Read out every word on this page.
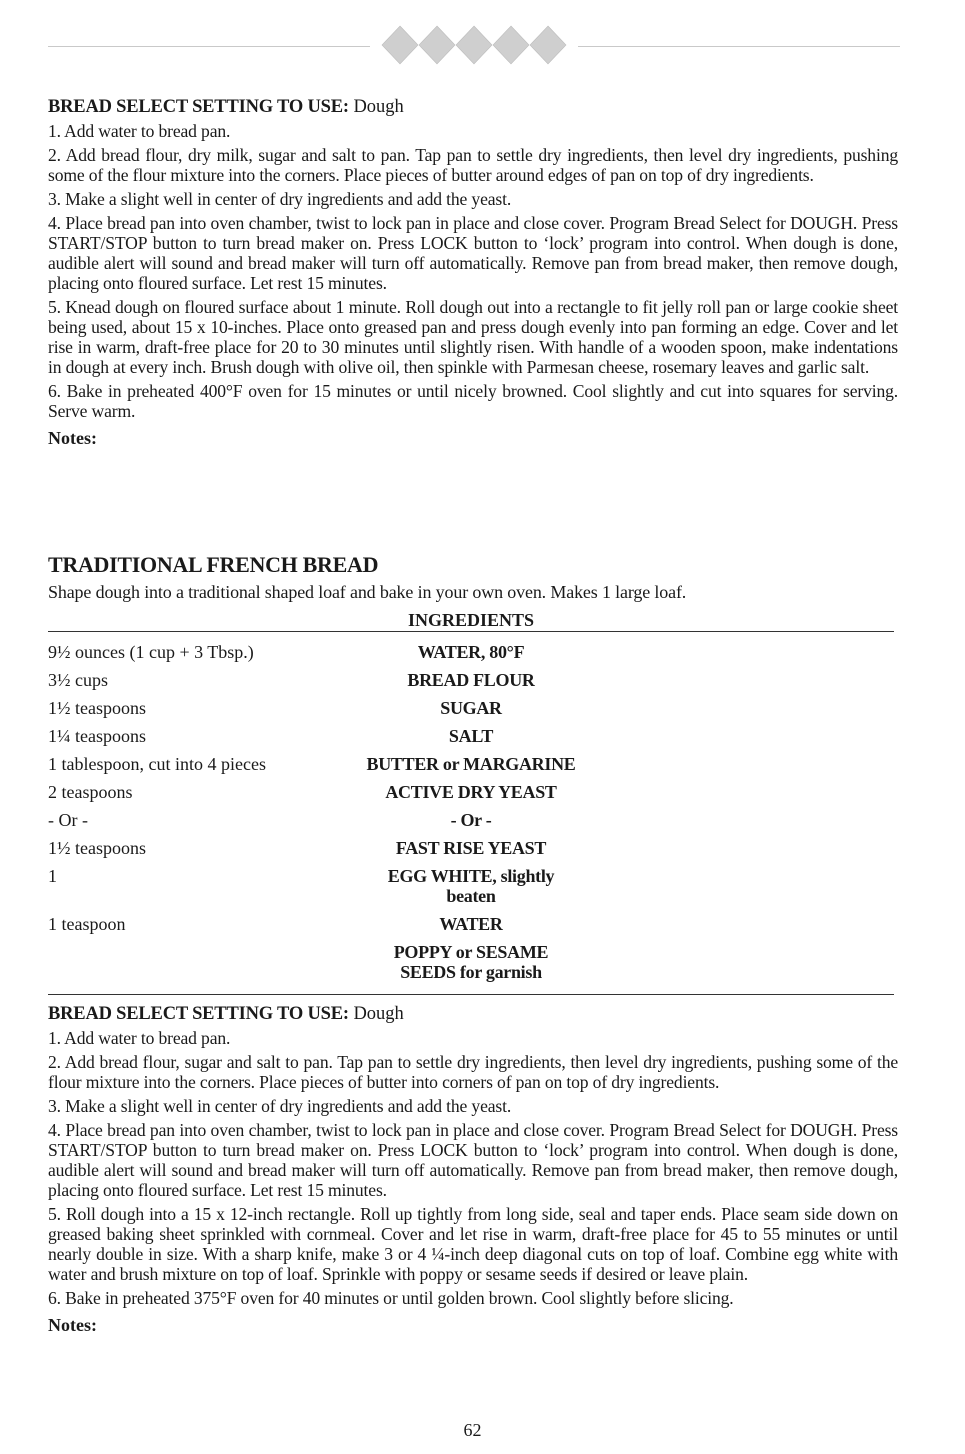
BREAD SELECT SETTING TO USE: Dough

1. Add water to bread pan.

2. Add bread flour, dry milk, sugar and salt to pan. Tap pan to settle dry ingredients, then level dry ingredients, pushing some of the flour mixture into the corners. Place pieces of butter around edges of pan on top of dry ingredients.

3. Make a slight well in center of dry ingredients and add the yeast.

4. Place bread pan into oven chamber, twist to lock pan in place and close cover. Program Bread Select for DOUGH. Press START/STOP button to turn bread maker on. Press LOCK button to ‘lock’ program into control. When dough is done, audible alert will sound and bread maker will turn off automatically. Remove pan from bread maker, then remove dough, placing onto floured surface. Let rest 15 minutes.

5. Knead dough on floured surface about 1 minute. Roll dough out into a rectangle to fit jelly roll pan or large cookie sheet being used, about 15 x 10-inches. Place onto greased pan and press dough evenly into pan forming an edge. Cover and let rise in warm, draft-free place for 20 to 30 minutes until slightly risen. With handle of a wooden spoon, make indentations in dough at every inch. Brush dough with olive oil, then spinkle with Parmesan cheese, rosemary leaves and garlic salt.

6. Bake in preheated 400°F oven for 15 minutes or until nicely browned. Cool slightly and cut into squares for serving. Serve warm.

Notes:
TRADITIONAL FRENCH BREAD

Shape dough into a traditional shaped loaf and bake in your own oven. Makes 1 large loaf.

INGREDIENTS
9½ ounces (1 cup + 3 Tbsp.)	WATER, 80°F	
3½ cups	BREAD FLOUR	
1½ teaspoons	SUGAR	
1¼ teaspoons	SALT	
1 tablespoon, cut into 4 pieces	BUTTER or MARGARINE	
2 teaspoons	ACTIVE DRY YEAST	
- Or -	- Or -	
1½ teaspoons	FAST RISE YEAST	
1	EGG WHITE, slightly
beaten	

1 teaspoon	WATER	

	POPPY or SESAME
SEEDS for garnish	

BREAD SELECT SETTING TO USE: Dough

1. Add water to bread pan.

2. Add bread flour, sugar and salt to pan. Tap pan to settle dry ingredients, then level dry ingredients, pushing some of the flour mixture into the corners. Place pieces of butter into corners of pan on top of dry ingredients.

3. Make a slight well in center of dry ingredients and add the yeast.

4. Place bread pan into oven chamber, twist to lock pan in place and close cover. Program Bread Select for DOUGH. Press START/STOP button to turn bread maker on. Press LOCK button to ‘lock’ program into control. When dough is done, audible alert will sound and bread maker will turn off automatically. Remove pan from bread maker, then remove dough, placing onto floured surface. Let rest 15 minutes.

5. Roll dough into a 15 x 12-inch rectangle. Roll up tightly from long side, seal and taper ends. Place seam side down on greased baking sheet sprinkled with cornmeal. Cover and let rise in warm, draft-free place for 45 to 55 minutes or until nearly double in size. With a sharp knife, make 3 or 4 ¼-inch deep diagonal cuts on top of loaf. Combine egg white with water and brush mixture on top of loaf. Sprinkle with poppy or sesame seeds if desired or leave plain.

6. Bake in preheated 375°F oven for 40 minutes or until golden brown. Cool slightly before slicing.

Notes:
62
